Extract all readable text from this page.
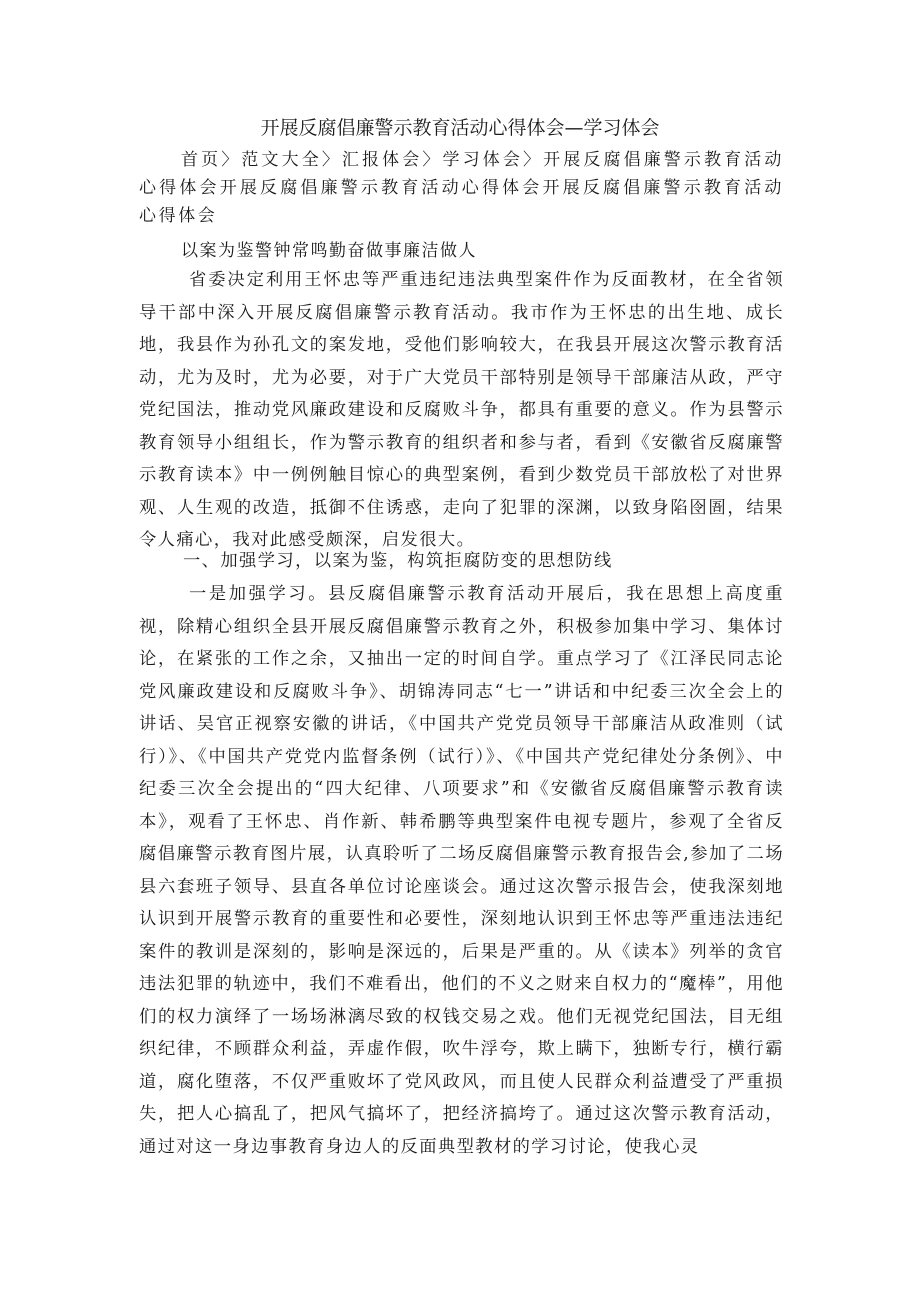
开展反腐倡廉警示教育活动心得体会—学习体会
首页〉范文大全〉汇报体会〉学习体会〉开展反腐倡廉警示教育活动心得体会开展反腐倡廉警示教育活动心得体会开展反腐倡廉警示教育活动心得体会
以案为鉴警钟常鸣勤奋做事廉洁做人
省委决定利用王怀忠等严重违纪违法典型案件作为反面教材，在全省领导干部中深入开展反腐倡廉警示教育活动。我市作为王怀忠的出生地、成长地，我县作为孙孔文的案发地，受他们影响较大，在我县开展这次警示教育活动，尤为及时，尤为必要，对于广大党员干部特别是领导干部廉洁从政，严守党纪国法，推动党风廉政建设和反腐败斗争，都具有重要的意义。作为县警示教育领导小组组长，作为警示教育的组织者和参与者，看到《安徽省反腐廉警示教育读本》中一例例触目惊心的典型案例，看到少数党员干部放松了对世界观、人生观的改造，抵御不住诱惑，走向了犯罪的深渊，以致身陷囹圄，结果令人痛心，我对此感受颇深，启发很大。
一、加强学习，以案为鉴，构筑拒腐防变的思想防线
一是加强学习。县反腐倡廉警示教育活动开展后，我在思想上高度重视，除精心组织全县开展反腐倡廉警示教育之外，积极参加集中学习、集体讨论，在紧张的工作之余，又抽出一定的时间自学。重点学习了《江泽民同志论党风廉政建设和反腐败斗争》、胡锦涛同志“七一”讲话和中纪委三次全会上的讲话、吴官正视察安徽的讲话，《中国共产党党员领导干部廉洁从政准则（试行）》、《中国共产党党内监督条例（试行）》、《中国共产党纪律处分条例》、中纪委三次全会提出的“四大纪律、八项要求”和《安徽省反腐倡廉警示教育读本》，观看了王怀忠、肖作新、韩希鹏等典型案件电视专题片，参观了全省反腐倡廉警示教育图片展，认真聆听了二场反腐倡廉警示教育报告会,参加了二场县六套班子领导、县直各单位讨论座谈会。通过这次警示报告会，使我深刻地认识到开展警示教育的重要性和必要性，深刻地认识到王怀忠等严重违法违纪案件的教训是深刻的，影响是深远的，后果是严重的。从《读本》列举的贪官违法犯罪的轨迹中，我们不难看出，他们的不义之财来自权力的“魔棒”，用他们的权力演绎了一场场淋漓尽致的权钱交易之戏。他们无视党纪国法，目无组织纪律，不顾群众利益，弄虚作假，吹牛浮夸，欺上瞒下，独断专行，横行霸道，腐化堕落，不仅严重败坏了党风政风，而且使人民群众利益遭受了严重损失，把人心搞乱了，把风气搞坏了，把经济搞垮了。通过这次警示教育活动，通过对这一身边事教育身边人的反面典型教材的学习讨论，使我心灵
